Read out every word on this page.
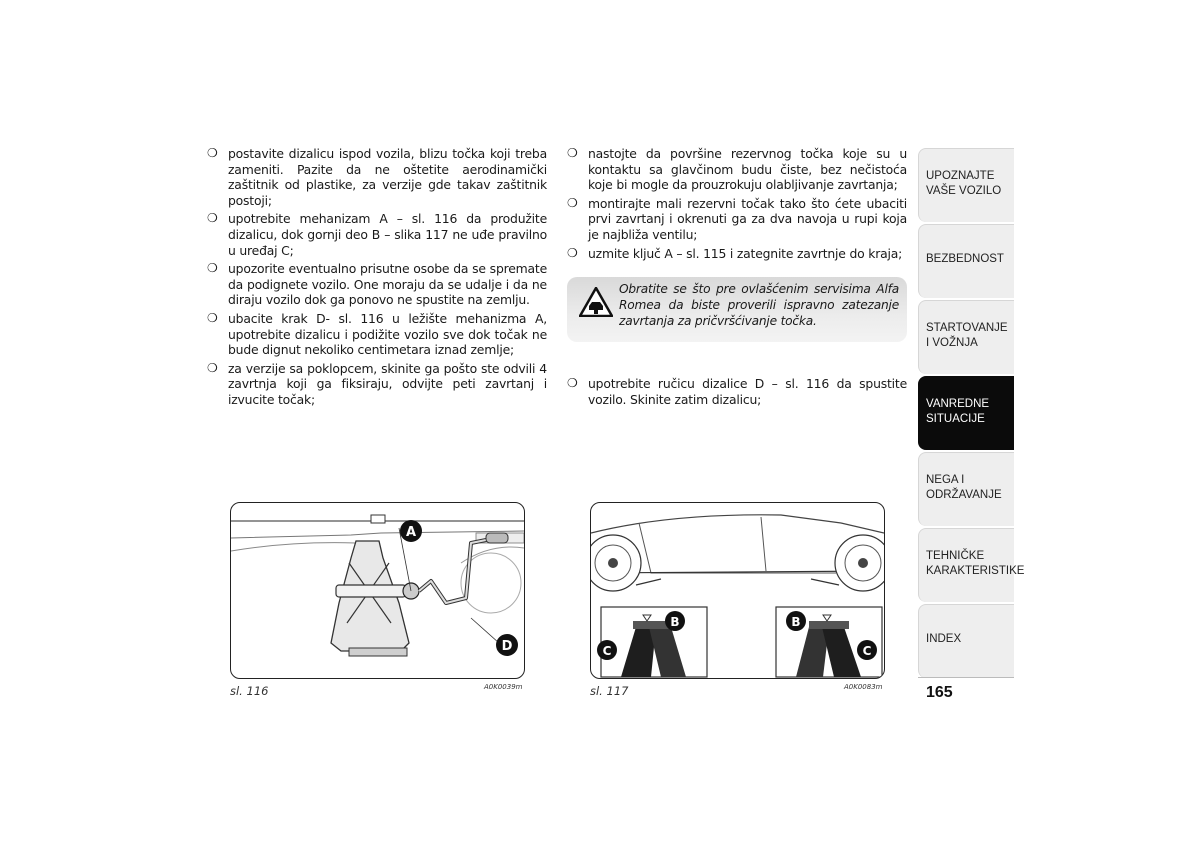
❍ postavite dizalicu ispod vozila, blizu točka koji treba zameniti. Pazite da ne oštetite aerodinamički zaštitnik od plastike, za verzije gde takav zaštitnik postoji;
❍ upotrebite mehanizam A – sl. 116 da produžite dizalicu, dok gornji deo B – slika 117 ne uđe pravilno u uređaj C;
❍ upozorite eventualno prisutne osobe da se spremate da podignete vozilo. One moraju da se udalje i da ne diraju vozilo dok ga ponovo ne spustite na zemlju.
❍ ubacite krak D- sl. 116 u ležište mehanizma A, upotrebite dizalicu i podižite vozilo sve dok točak ne bude dignut nekoliko centimetara iznad zemlje;
❍ za verzije sa poklopcem, skinite ga pošto ste odvili 4 zavrtnja koji ga fiksiraju, odvijte peti zavrtanj i izvucite točak;
❍ nastojte da površine rezervnog točka koje su u kontaktu sa glavčinom budu čiste, bez nečistoća koje bi mogle da prouzrokuju olabljivanje zavrtanja;
❍ montirajte mali rezervni točak tako što ćete ubaciti prvi zavrtanj i okrenuti ga za dva navoja u rupi koja je najbliža ventilu;
❍ uzmite ključ A – sl. 115 i zategnite zavrtnje do kraja;
Obratite se što pre ovlašćenim servisima Alfa Romea da biste proverili ispravno zatezanje zavrtanja za pričvršćivanje točka.
❍ upotrebite ručicu dizalice D – sl. 116 da spustite vozilo. Skinite zatim dizalicu;
A
D
sl. 116	A0K0039m
B
C
B
C
sl. 117	A0K0083m
UPOZNAJTE
VAŠE VOZILO
BEZBEDNOST
STARTOVANJE
I VOŽNJA
VANREDNE
SITUACIJE
NEGA I
ODRŽAVANJE
TEHNIČKE
KARAKTERISTIKE
INDEX
165
